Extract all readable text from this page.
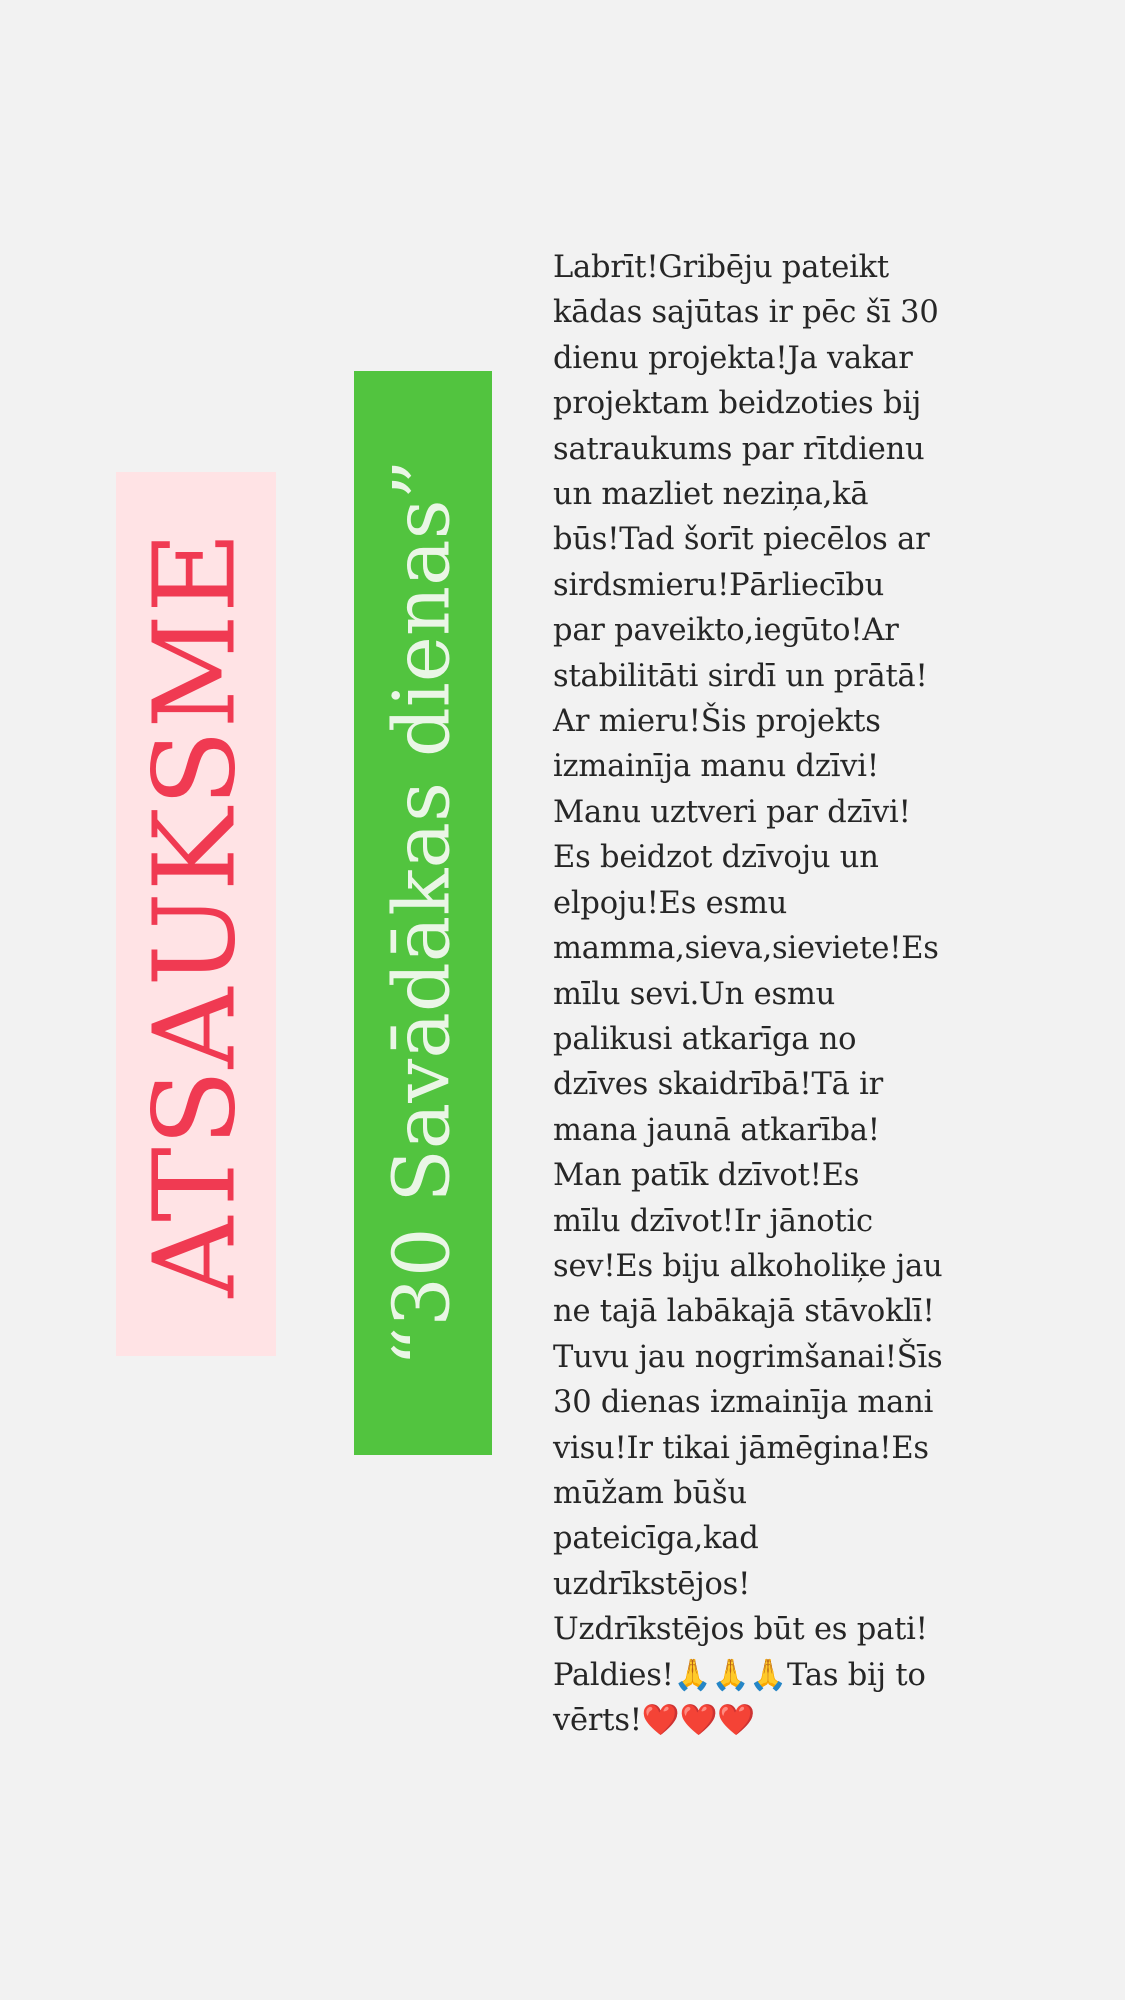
ATSAUKSME “30 Savādākas dienas”
Labrīt!Gribēju pateikt
kādas sajūtas ir pēc šī 30
dienu projekta!Ja vakar
projektam beidzoties bij
satraukums par rītdienu
un mazliet neziņa,kā
būs!Tad šorīt piecēlos ar
sirdsmieru!Pārliecību
par paveikto,iegūto!Ar
stabilitāti sirdī un prātā!
Ar mieru!Šis projekts
izmainīja manu dzīvi!
Manu uztveri par dzīvi!
Es beidzot dzīvoju un
elpoju!Es esmu
mamma,sieva,sieviete!Es
mīlu sevi.Un esmu
palikusi atkarīga no
dzīves skaidrībā!Tā ir
mana jaunā atkarība!
Man patīk dzīvot!Es
mīlu dzīvot!Ir jānotic
sev!Es biju alkoholiķe jau
ne tajā labākajā stāvoklī!
Tuvu jau nogrimšanai!Šīs
30 dienas izmainīja mani
visu!Ir tikai jāmēgina!Es
mūžam būšu
pateicīga,kad
uzdrīkstējos!
Uzdrīkstējos būt es pati!
Paldies!🙏🙏🙏Tas bij to
vērts!❤️❤️❤️
